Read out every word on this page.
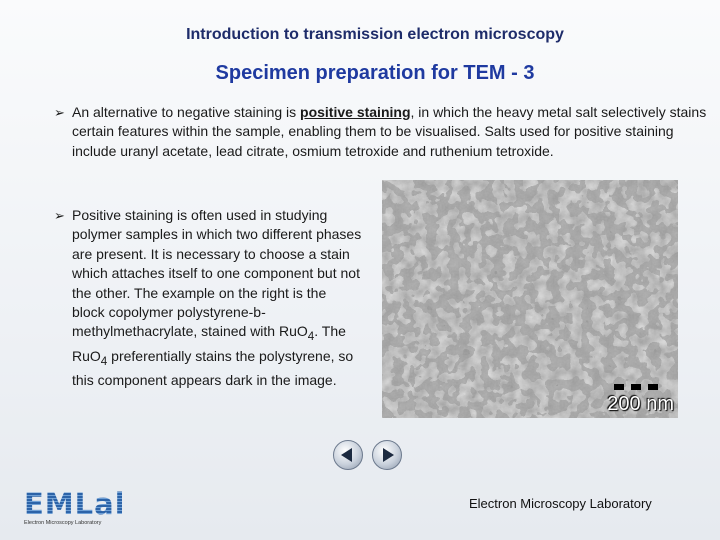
Introduction to transmission electron microscopy
Specimen preparation for TEM - 3
➢ An alternative to negative staining is positive staining, in which the heavy metal salt selectively stains certain features within the sample, enabling them to be visualised. Salts used for positive staining include uranyl acetate, lead citrate, osmium tetroxide and ruthenium tetroxide.
➢ Positive staining is often used in studying polymer samples in which two different phases are present. It is necessary to choose a stain which attaches itself to one component but not the other. The example on the right is the block copolymer polystyrene-b-methylmethacrylate, stained with RuO$_4$. The RuO$_4$ preferentially stains the polystyrene, so this component appears dark in the image.
200 nm
EMLab
Electron Microscopy Laboratory
Electron Microscopy Laboratory
